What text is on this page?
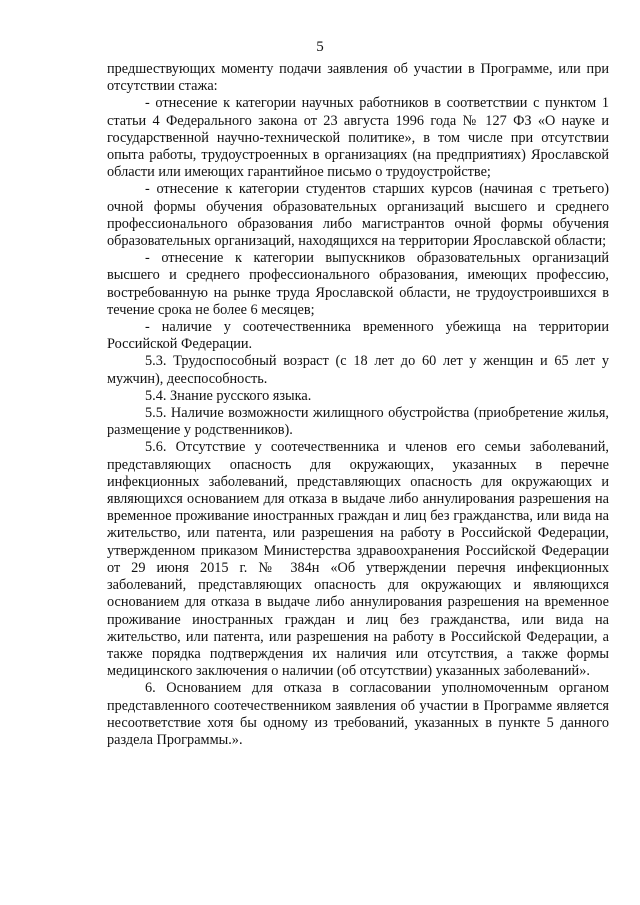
5

предшествующих моменту подачи заявления об участии в Программе, или при отсутствии стажа:

- отнесение к категории научных работников в соответствии с пунктом 1 статьи 4 Федерального закона от 23 августа 1996 года № 127 ФЗ «О науке и государственной научно-технической политике», в том числе при отсутствии опыта работы, трудоустроенных в организациях (на предприятиях) Ярославской области или имеющих гарантийное письмо о трудоустройстве;

- отнесение к категории студентов старших курсов (начиная с третьего) очной формы обучения образовательных организаций высшего и среднего профессионального образования либо магистрантов очной формы обучения образовательных организаций, находящихся на территории Ярославской области;

- отнесение к категории выпускников образовательных организаций высшего и среднего профессионального образования, имеющих профессию, востребованную на рынке труда Ярославской области, не трудоустроившихся в течение срока не более 6 месяцев;

- наличие у соотечественника временного убежища на территории Российской Федерации.

5.3. Трудоспособный возраст (с 18 лет до 60 лет у женщин и 65 лет у мужчин), дееспособность.

5.4. Знание русского языка.

5.5. Наличие возможности жилищного обустройства (приобретение жилья, размещение у родственников).

5.6. Отсутствие у соотечественника и членов его семьи заболеваний, представляющих опасность для окружающих, указанных в перечне инфекционных заболеваний, представляющих опасность для окружающих и являющихся основанием для отказа в выдаче либо аннулирования разрешения на временное проживание иностранных граждан и лиц без гражданства, или вида на жительство, или патента, или разрешения на работу в Российской Федерации, утвержденном приказом Министерства здравоохранения Российской Федерации от 29 июня 2015 г. № 384н «Об утверждении перечня инфекционных заболеваний, представляющих опасность для окружающих и являющихся основанием для отказа в выдаче либо аннулирования разрешения на временное проживание иностранных граждан и лиц без гражданства, или вида на жительство, или патента, или разрешения на работу в Российской Федерации, а также порядка подтверждения их наличия или отсутствия, а также формы медицинского заключения о наличии (об отсутствии) указанных заболеваний».

6. Основанием для отказа в согласовании уполномоченным органом представленного соотечественником заявления об участии в Программе является несоответствие хотя бы одному из требований, указанных в пункте 5 данного раздела Программы.».
